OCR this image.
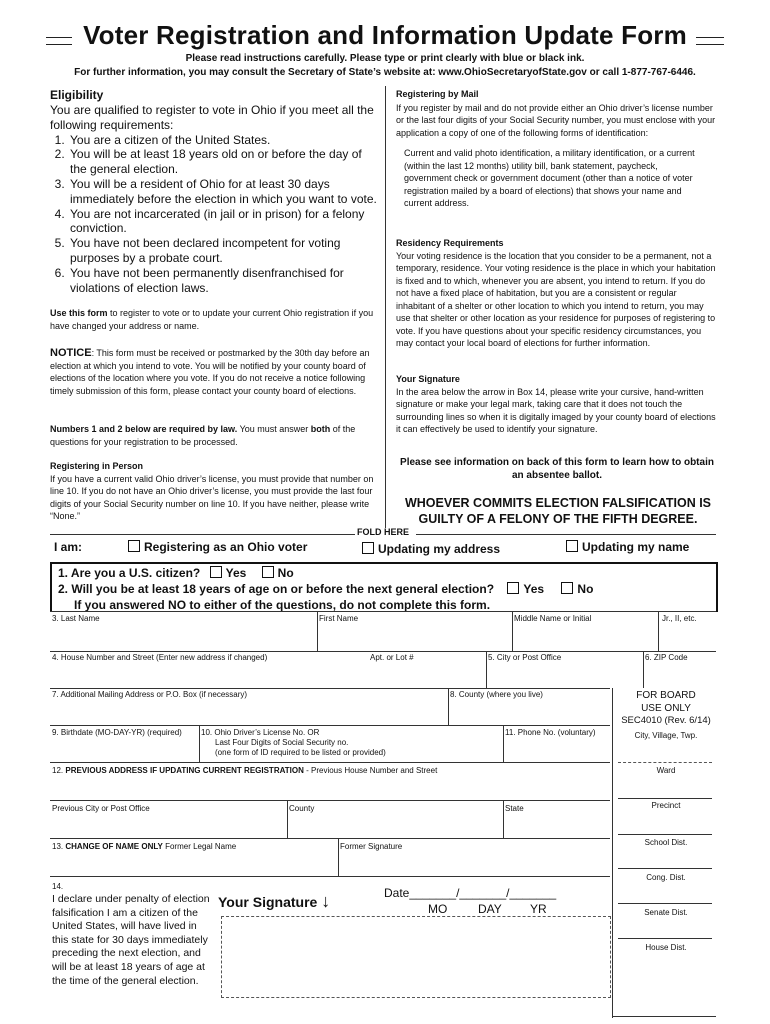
Voter Registration and Information Update Form
Please read instructions carefully. Please type or print clearly with blue or black ink.
For further information, you may consult the Secretary of State’s website at: www.OhioSecretaryofState.gov or call 1-877-767-6446.
Eligibility
You are qualified to register to vote in Ohio if you meet all the following requirements:
1. You are a citizen of the United States.
2. You will be at least 18 years old on or before the day of the general election.
3. You will be a resident of Ohio for at least 30 days immediately before the election in which you want to vote.
4. You are not incarcerated (in jail or in prison) for a felony conviction.
5. You have not been declared incompetent for voting purposes by a probate court.
6. You have not been permanently disenfranchised for violations of election laws.
Use this form to register to vote or to update your current Ohio registration if you have changed your address or name.
NOTICE: This form must be received or postmarked by the 30th day before an election at which you intend to vote. You will be notified by your county board of elections of the location where you vote. If you do not receive a notice following timely submission of this form, please contact your county board of elections.
Numbers 1 and 2 below are required by law. You must answer both of the questions for your registration to be processed.
Registering in Person
If you have a current valid Ohio driver’s license, you must provide that number on line 10. If you do not have an Ohio driver’s license, you must provide the last four digits of your Social Security number on line 10. If you have neither, please write “None.”
Registering by Mail
If you register by mail and do not provide either an Ohio driver’s license number or the last four digits of your Social Security number, you must enclose with your application a copy of one of the following forms of identification:
Current and valid photo identification, a military identification, or a current (within the last 12 months) utility bill, bank statement, paycheck, government check or government document (other than a notice of voter registration mailed by a board of elections) that shows your name and current address.
Residency Requirements
Your voting residence is the location that you consider to be a permanent, not a temporary, residence. Your voting residence is the place in which your habitation is fixed and to which, whenever you are absent, you intend to return. If you do not have a fixed place of habitation, but you are a consistent or regular inhabitant of a shelter or other location to which you intend to return, you may use that shelter or other location as your residence for purposes of registering to vote. If you have questions about your specific residency circumstances, you may contact your local board of elections for further information.
Your Signature
In the area below the arrow in Box 14, please write your cursive, hand-written signature or make your legal mark, taking care that it does not touch the surrounding lines so when it is digitally imaged by your county board of elections it can effectively be used to identify your signature.
Please see information on back of this form to learn how to obtain an absentee ballot.
WHOEVER COMMITS ELECTION FALSIFICATION IS GUILTY OF A FELONY OF THE FIFTH DEGREE.
FOLD HERE
I am:	Registering as an Ohio voter	Updating my address	Updating my name
1. Are you a U.S. citizen? Yes	No
2. Will you be at least 18 years of age on or before the next general election? Yes	No
If you answered NO to either of the questions, do not complete this form.
3. Last Name	First Name	Middle Name or Initial	Jr., II, etc.
4. House Number and Street (Enter new address if changed)	Apt. or Lot #	5. City or Post Office	6. ZIP Code
7. Additional Mailing Address or P.O. Box (if necessary)	8. County (where you live)
9. Birthdate (MO-DAY-YR) (required) 10. Ohio Driver’s License No. OR
Last Four Digits of Social Security no.
(one form of ID required to be listed or provided)
11. Phone No. (voluntary)
12. PREVIOUS ADDRESS IF UPDATING CURRENT REGISTRATION - Previous House Number and Street
Previous City or Post Office	County	State
13. CHANGE OF NAME ONLY Former Legal Name	Former Signature
14.
I declare under penalty of election falsification I am a citizen of the United States, will have lived in this state for 30 days immediately preceding the next election, and will be at least 18 years of age at the time of the general election.
Your Signature ↓	Date_______/_______/_______
MO	DAY YR
FOR BOARD
USE ONLY
SEC4010 (Rev. 6/14)
City, Village, Twp.
Ward
Precinct
School Dist.
Cong. Dist.
Senate Dist.
House Dist.
